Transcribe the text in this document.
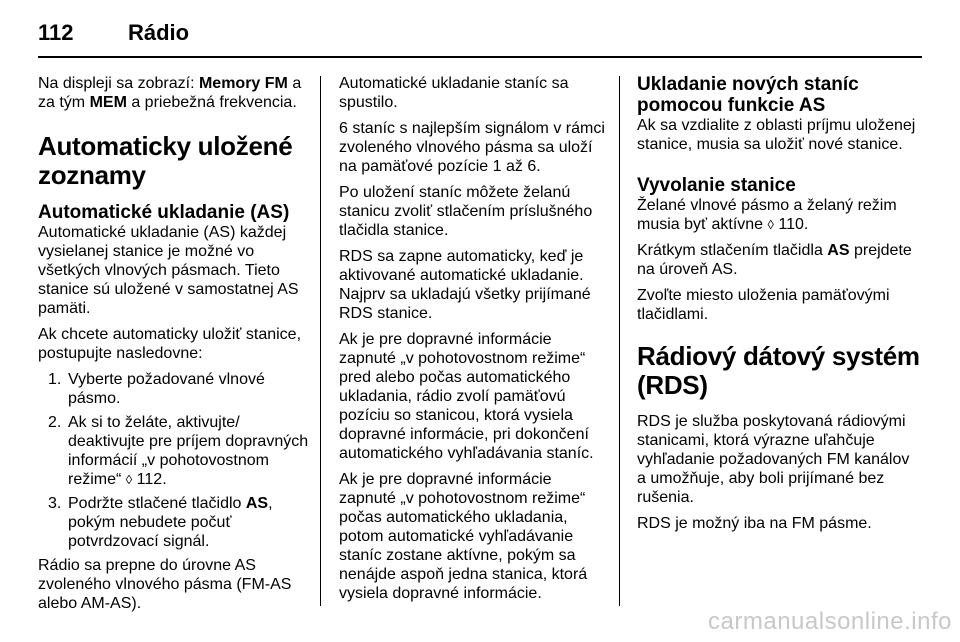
112 Rádio

Na displeji sa zobrazí: Memory FM a za tým MEM a priebežná frekvencia.

Automaticky uložené zoznamy
Automatické ukladanie (AS)

Automatické ukladanie (AS) každej vysielanej stanice je možné vo všetkých vlnových pásmach. Tieto stanice sú uložené v samostatnej AS pamäti.

Ak chcete automaticky uložiť stanice, postupujte nasledovne:

1. Vyberte požadované vlnové pásmo.
2. Ak si to želáte, aktivujte/ deaktivujte pre príjem dopravných informácií „v pohotovostnom režime“ ◊ 112.
3. Podržte stlačené tlačidlo AS, pokým nebudete počuť potvrdzovací signál.

Rádio sa prepne do úrovne AS zvoleného vlnového pásma (FM-AS alebo AM-AS).

Automatické ukladanie staníc sa spustilo.

6 staníc s najlepším signálom v rámci zvoleného vlnového pásma sa uloží na pamäťové pozície 1 až 6.

Po uložení staníc môžete želanú stanicu zvoliť stlačením príslušného tlačidla stanice.

RDS sa zapne automaticky, keď je aktivované automatické ukladanie. Najprv sa ukladajú všetky prijímané RDS stanice.

Ak je pre dopravné informácie zapnuté „v pohotovostnom režime“ pred alebo počas automatického ukladania, rádio zvolí pamäťovú pozíciu so stanicou, ktorá vysiela dopravné informácie, pri dokončení automatického vyhľadávania staníc.

Ak je pre dopravné informácie zapnuté „v pohotovostnom režime“ počas automatického ukladania, potom automatické vyhľadávanie staníc zostane aktívne, pokým sa nenájde aspoň jedna stanica, ktorá vysiela dopravné informácie.

Ukladanie nových staníc pomocou funkcie AS

Ak sa vzdialite z oblasti príjmu uloženej stanice, musia sa uložiť nové stanice.

Vyvolanie stanice

Želané vlnové pásmo a želaný režim musia byť aktívne ◊ 110.

Krátkym stlačením tlačidla AS prejdete na úroveň AS.

Zvoľte miesto uloženia pamäťovými tlačidlami.

Rádiový dátový systém (RDS)

RDS je služba poskytovaná rádiovými stanicami, ktorá výrazne uľahčuje vyhľadanie požadovaných FM kanálov a umožňuje, aby boli prijímané bez rušenia.

RDS je možný iba na FM pásme.

carmanualsonline.info
